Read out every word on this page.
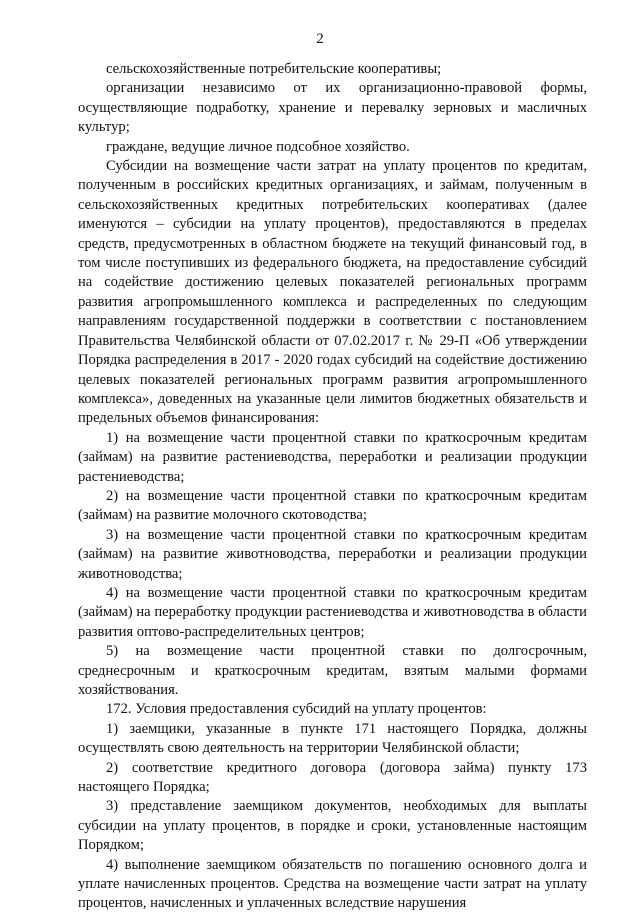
2

сельскохозяйственные потребительские кооперативы;

организации независимо от их организационно-правовой формы, осуществляющие подработку, хранение и перевалку зерновых и масличных культур;

граждане, ведущие личное подсобное хозяйство.

Субсидии на возмещение части затрат на уплату процентов по кредитам, полученным в российских кредитных организациях, и займам, полученным в сельскохозяйственных кредитных потребительских кооперативах (далее именуются – субсидии на уплату процентов), предоставляются в пределах средств, предусмотренных в областном бюджете на текущий финансовый год, в том числе поступивших из федерального бюджета, на предоставление субсидий на содействие достижению целевых показателей региональных программ развития агропромышленного комплекса и распределенных по следующим направлениям государственной поддержки в соответствии с постановлением Правительства Челябинской области от 07.02.2017 г. № 29-П «Об утверждении Порядка распределения в 2017 - 2020 годах субсидий на содействие достижению целевых показателей региональных программ развития агропромышленного комплекса», доведенных на указанные цели лимитов бюджетных обязательств и предельных объемов финансирования:

1) на возмещение части процентной ставки по краткосрочным кредитам (займам) на развитие растениеводства, переработки и реализации продукции растениеводства;

2) на возмещение части процентной ставки по краткосрочным кредитам (займам) на развитие молочного скотоводства;

3) на возмещение части процентной ставки по краткосрочным кредитам (займам) на развитие животноводства, переработки и реализации продукции животноводства;

4) на возмещение части процентной ставки по краткосрочным кредитам (займам) на переработку продукции растениеводства и животноводства в области развития оптово-распределительных центров;

5) на возмещение части процентной ставки по долгосрочным, среднесрочным и краткосрочным кредитам, взятым малыми формами хозяйствования.

172. Условия предоставления субсидий на уплату процентов:

1) заемщики, указанные в пункте 171 настоящего Порядка, должны осуществлять свою деятельность на территории Челябинской области;

2) соответствие кредитного договора (договора займа) пункту 173 настоящего Порядка;

3) представление заемщиком документов, необходимых для выплаты субсидии на уплату процентов, в порядке и сроки, установленные настоящим Порядком;

4) выполнение заемщиком обязательств по погашению основного долга и уплате начисленных процентов. Средства на возмещение части затрат на уплату процентов, начисленных и уплаченных вследствие нарушения
